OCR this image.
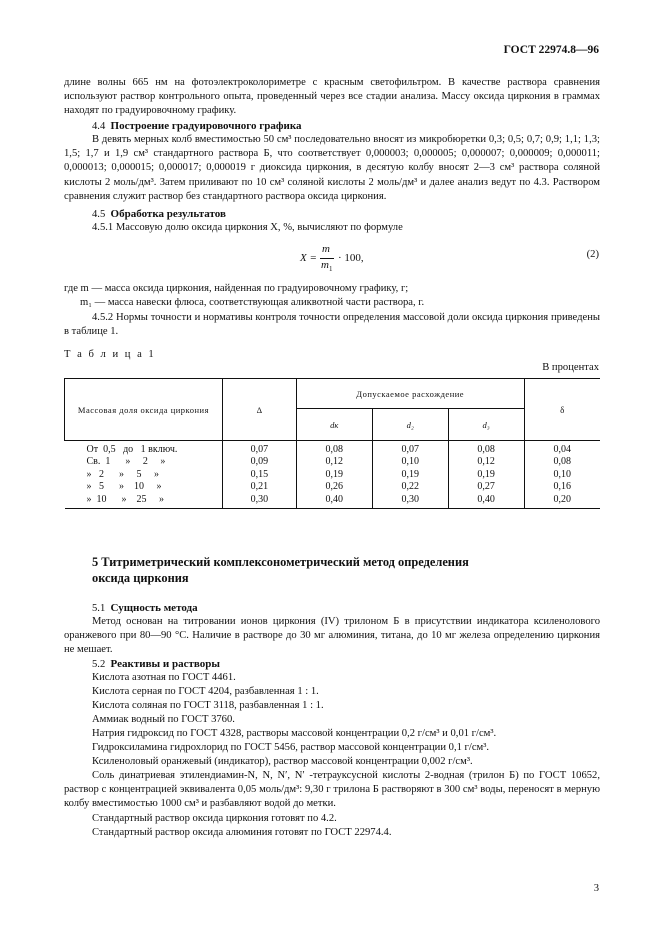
ГОСТ 22974.8—96
длине волны 665 нм на фотоэлектроколориметре с красным светофильтром. В качестве раствора сравнения используют раствор контрольного опыта, проведенный через все стадии анализа. Массу оксида циркония в граммах находят по градуировочному графику.
4.4 Построение градуировочного графика
В девять мерных колб вместимостью 50 см³ последовательно вносят из микробюретки 0,3; 0,5; 0,7; 0,9; 1,1; 1,3; 1,5; 1,7 и 1,9 см³ стандартного раствора Б, что соответствует 0,000003; 0,000005; 0,000007; 0,000009; 0,000011; 0,000013; 0,000015; 0,000017; 0,000019 г диоксида циркония, в десятую колбу вносят 2—3 см³ раствора соляной кислоты 2 моль/дм³. Затем приливают по 10 см³ соляной кислоты 2 моль/дм³ и далее анализ ведут по 4.3. Раствором сравнения служит раствор без стандартного раствора оксида циркония.
4.5 Обработка результатов
4.5.1 Массовую долю оксида циркония X, %, вычисляют по формуле
X =
m
$m_1$
· 100,	(2)
где m — масса оксида циркония, найденная по градуировочному графику, г;
m₁ — масса навески флюса, соответствующая аликвотной части раствора, г.
4.5.2 Нормы точности и нормативы контроля точности определения массовой доли оксида циркония приведены в таблице 1.
Т а б л и ц а 1
В процентах
Массовая доля оксида циркония	Δ	Допускаемое расхождение			δ
		dк	d₂	d₃	
От  0,5   до   1 включ.	0,07	0,08	0,07	0,08	0,04
Св.  1      »     2     »	0,09	0,12	0,10	0,12	0,08
»   2      »     5     »	0,15	0,19	0,19	0,19	0,10
»   5      »    10     »	0,21	0,26	0,22	0,27	0,16
»  10      »    25     »	0,30	0,40	0,30	0,40	0,20
5 Титриметрический комплексонометрический метод определения
оксида циркония
5.1 Сущность метода
Метод основан на титровании ионов циркония (IV) трилоном Б в присутствии индикатора ксиленолового оранжевого при 80—90 °С. Наличие в растворе до 30 мг алюминия, титана, до 10 мг железа определению циркония не мешает.
5.2 Реактивы и растворы
Кислота азотная по ГОСТ 4461.
Кислота серная по ГОСТ 4204, разбавленная 1 : 1.
Кислота соляная по ГОСТ 3118, разбавленная 1 : 1.
Аммиак водный по ГОСТ 3760.
Натрия гидроксид по ГОСТ 4328, растворы массовой концентрации 0,2 г/см³ и 0,01 г/см³.
Гидроксиламина гидрохлорид по ГОСТ 5456, раствор массовой концентрации 0,1 г/см³.
Ксиленоловый оранжевый (индикатор), раствор массовой концентрации 0,002 г/см³.
Соль динатриевая этилендиамин-N, N, N′, N′ -тетрауксусной кислоты 2-водная (трилон Б) по ГОСТ 10652, раствор с концентрацией эквивалента 0,05 моль/дм³: 9,30 г трилона Б растворяют в 300 см³ воды, переносят в мерную колбу вместимостью 1000 см³ и разбавляют водой до метки.
Стандартный раствор оксида циркония готовят по 4.2.
Стандартный раствор оксида алюминия готовят по ГОСТ 22974.4.
3
